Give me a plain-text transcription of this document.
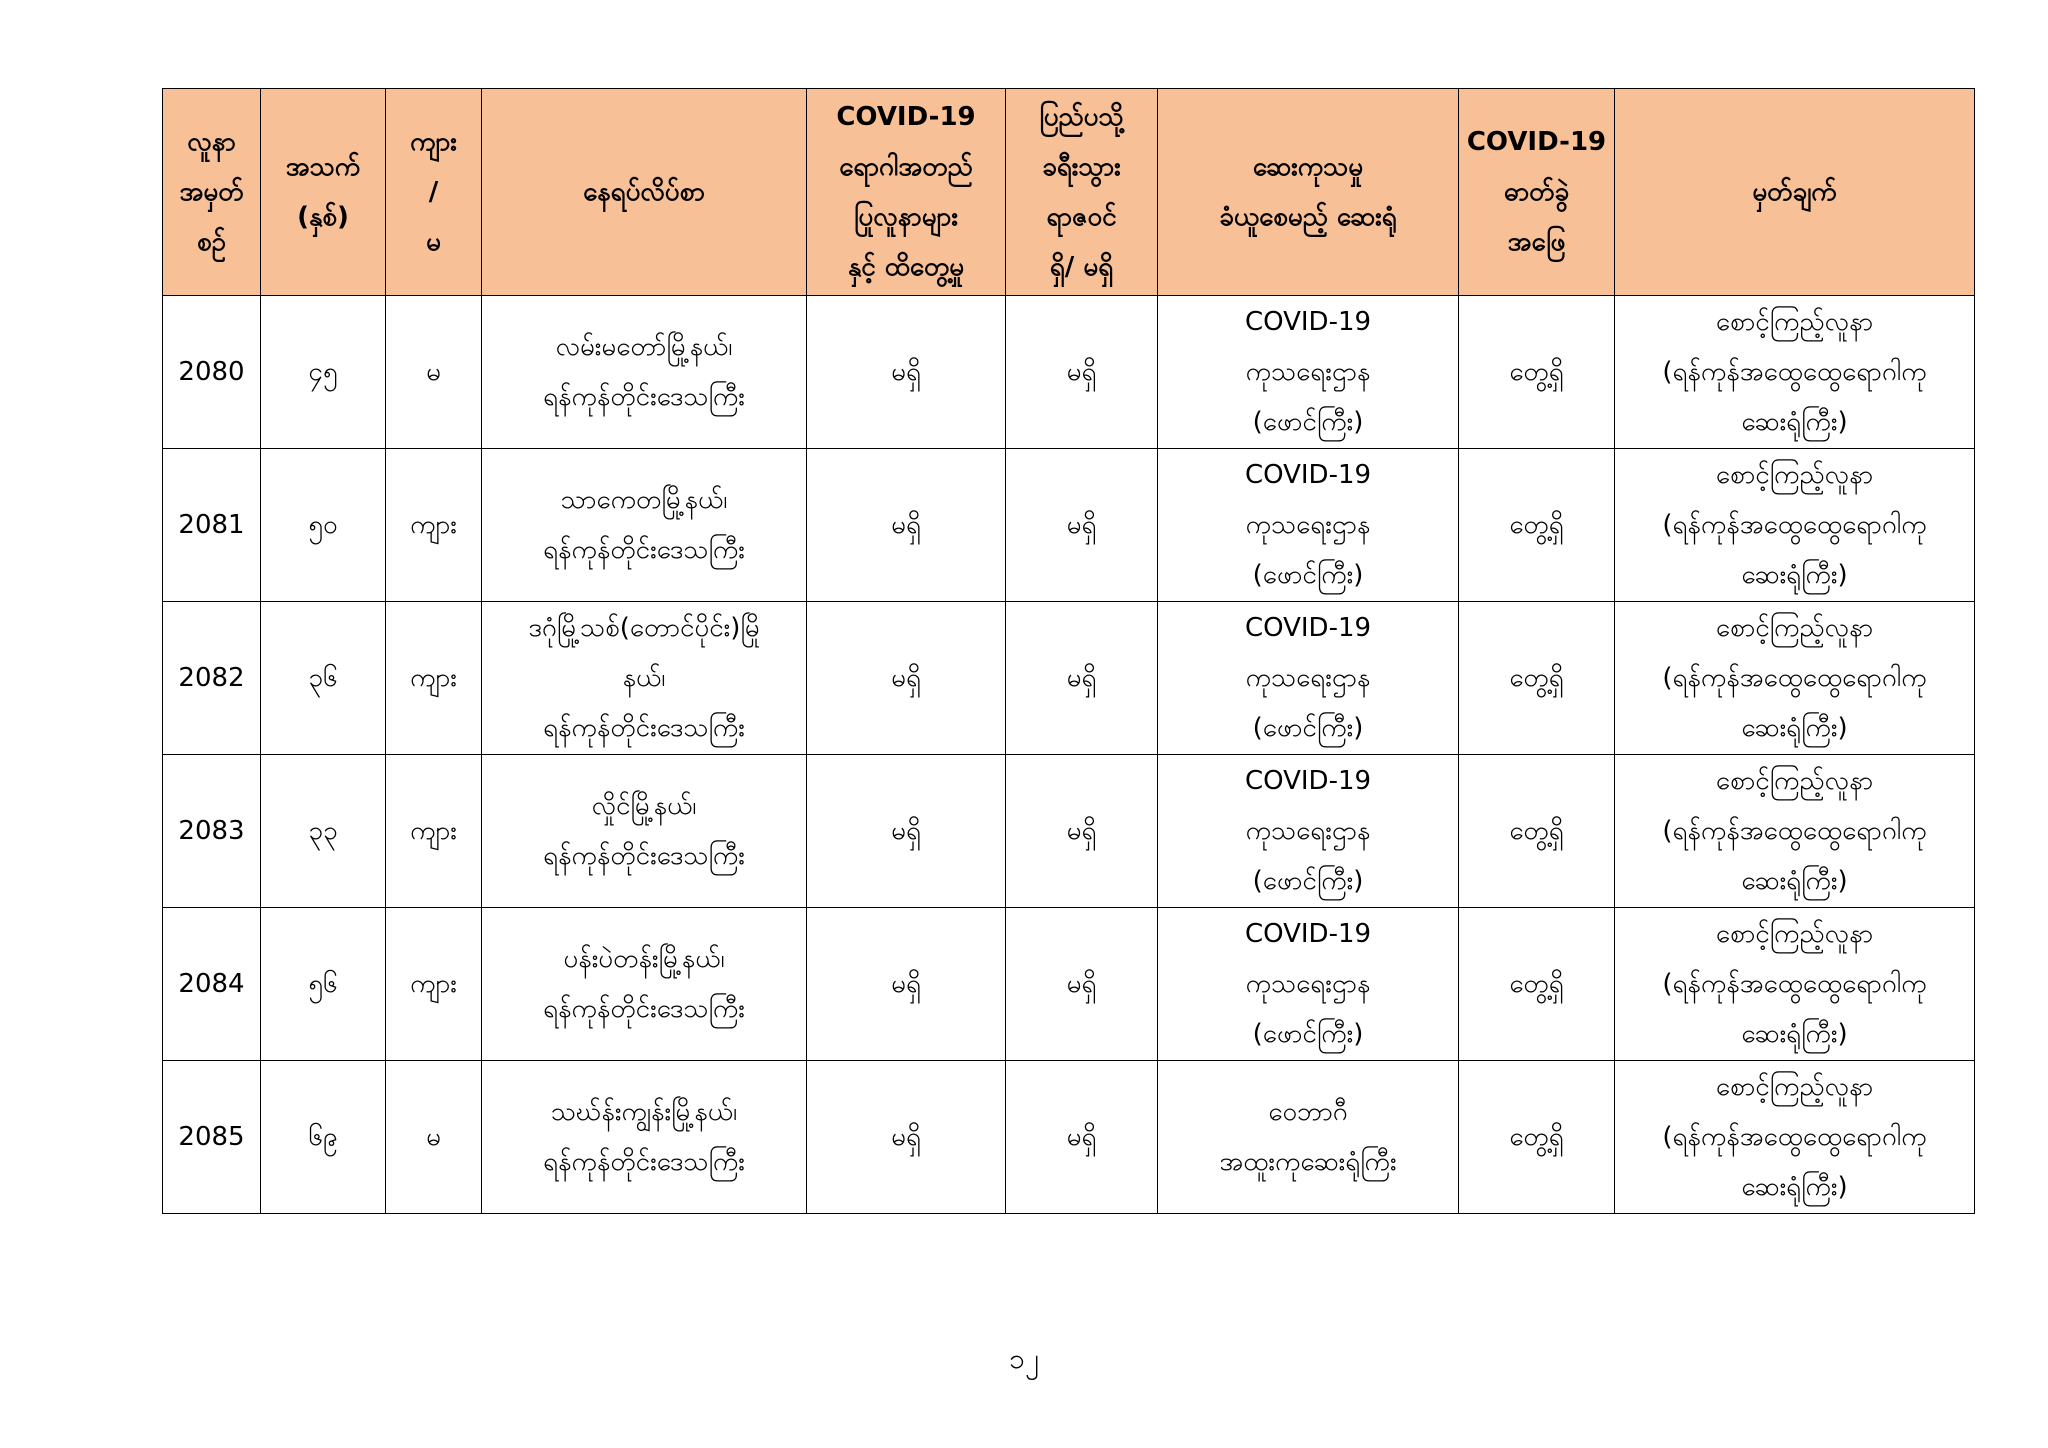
လူနာ
အမှတ်
စဉ်	အသက်
(နှစ်)	ကျား
/
မ	နေရပ်လိပ်စာ	COVID-19
ရောဂါအတည်
ပြုလူနာများ
နှင့် ထိတွေ့မှု	ပြည်ပသို့
ခရီးသွား
ရာဇဝင်
ရှိ/ မရှိ	ဆေးကုသမှု
ခံယူစေမည့် ဆေးရုံ	COVID-19
ဓာတ်ခွဲ
အဖြေ	မှတ်ချက်
2080	၄၅	မ	လမ်းမတော်မြို့နယ်၊
ရန်ကုန်တိုင်းဒေသကြီး	မရှိ	မရှိ	COVID-19
ကုသရေးဌာန
(ဖောင်ကြီး)	တွေ့ရှိ	စောင့်ကြည့်လူနာ
(ရန်ကုန်အထွေထွေရောဂါကု
ဆေးရုံကြီး)
2081	၅၀	ကျား	သာကေတမြို့နယ်၊
ရန်ကုန်တိုင်းဒေသကြီး	မရှိ	မရှိ	COVID-19
ကုသရေးဌာန
(ဖောင်ကြီး)	တွေ့ရှိ	စောင့်ကြည့်လူနာ
(ရန်ကုန်အထွေထွေရောဂါကု
ဆေးရုံကြီး)
2082	၃၆	ကျား	ဒဂုံမြို့သစ်(တောင်ပိုင်း)မြို
နယ်၊
ရန်ကုန်တိုင်းဒေသကြီး	မရှိ	မရှိ	COVID-19
ကုသရေးဌာန
(ဖောင်ကြီး)	တွေ့ရှိ	စောင့်ကြည့်လူနာ
(ရန်ကုန်အထွေထွေရောဂါကု
ဆေးရုံကြီး)
2083	၃၃	ကျား	လှိုင်မြို့နယ်၊
ရန်ကုန်တိုင်းဒေသကြီး	မရှိ	မရှိ	COVID-19
ကုသရေးဌာန
(ဖောင်ကြီး)	တွေ့ရှိ	စောင့်ကြည့်လူနာ
(ရန်ကုန်အထွေထွေရောဂါကု
ဆေးရုံကြီး)
2084	၅၆	ကျား	ပန်းပဲတန်းမြို့နယ်၊
ရန်ကုန်တိုင်းဒေသကြီး	မရှိ	မရှိ	COVID-19
ကုသရေးဌာန
(ဖောင်ကြီး)	တွေ့ရှိ	စောင့်ကြည့်လူနာ
(ရန်ကုန်အထွေထွေရောဂါကု
ဆေးရုံကြီး)
2085	၆၉	မ	သဃ်န်းကျွန်းမြို့နယ်၊
ရန်ကုန်တိုင်းဒေသကြီး	မရှိ	မရှိ	ဝေဘာဂီ
အထူးကုဆေးရုံကြီး	တွေ့ရှိ	စောင့်ကြည့်လူနာ
(ရန်ကုန်အထွေထွေရောဂါကု
ဆေးရုံကြီး)
၁၂
